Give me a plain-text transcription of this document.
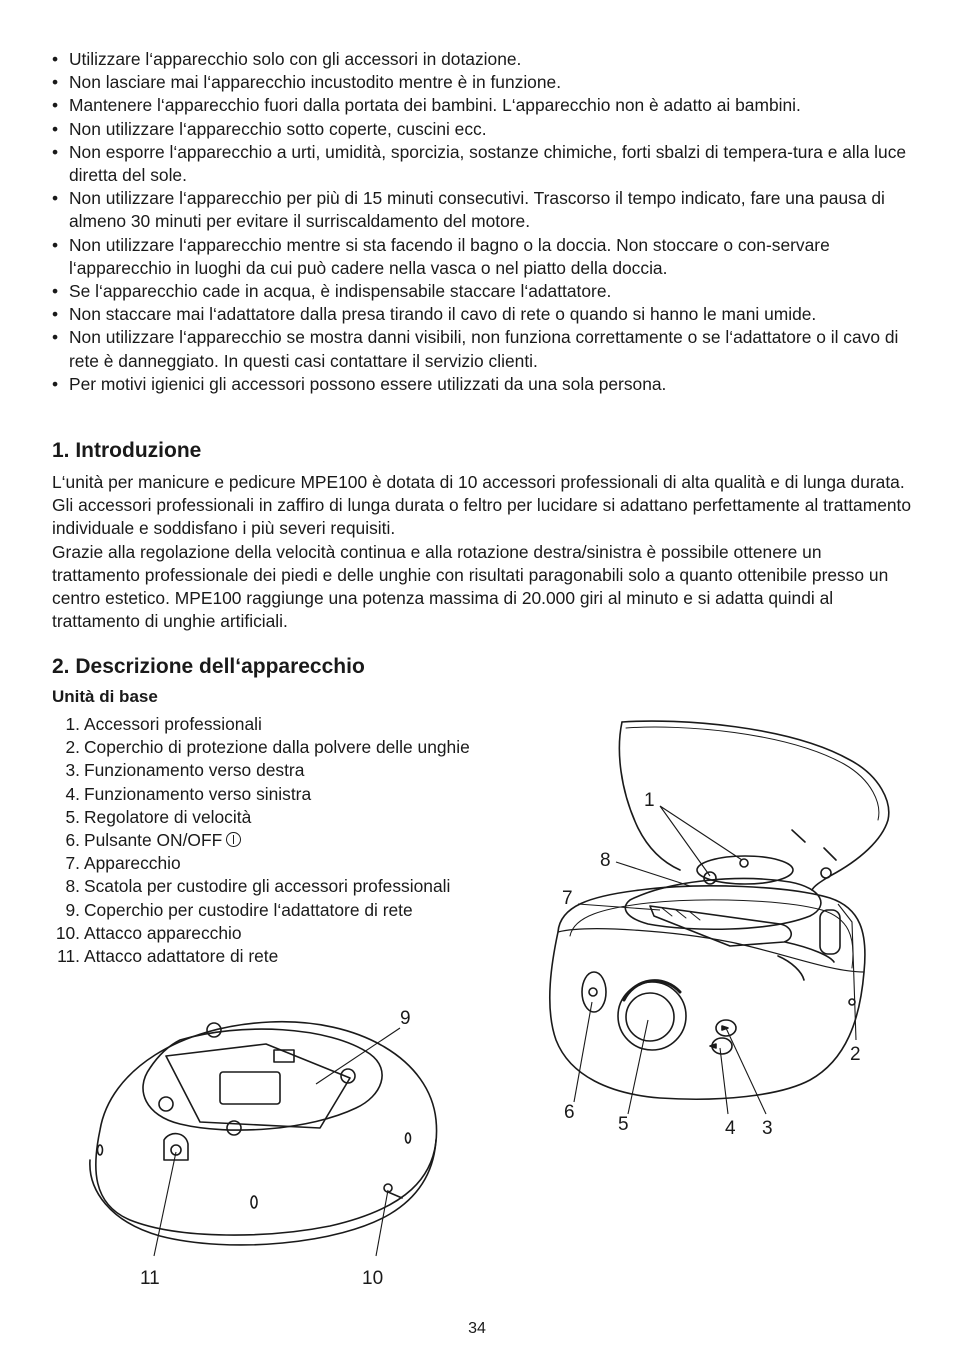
• Utilizzare l‘apparecchio solo con gli accessori in dotazione.
• Non lasciare mai l‘apparecchio incustodito mentre è in funzione.
• Mantenere l‘apparecchio fuori dalla portata dei bambini. L‘apparecchio non è adatto ai bambini.
• Non utilizzare l‘apparecchio sotto coperte, cuscini ecc.
• Non esporre l‘apparecchio a urti, umidità, sporcizia, sostanze chimiche, forti sbalzi di tempera-tura e alla luce diretta del sole.
• Non utilizzare l‘apparecchio per più di 15 minuti consecutivi. Trascorso il tempo indicato, fare una pausa di almeno 30 minuti per evitare il surriscaldamento del motore.
• Non utilizzare l‘apparecchio mentre si sta facendo il bagno o la doccia. Non stoccare o con-servare l‘apparecchio in luoghi da cui può cadere nella vasca o nel piatto della doccia.
• Se l‘apparecchio cade in acqua, è indispensabile staccare l‘adattatore.
• Non staccare mai l‘adattatore dalla presa tirando il cavo di rete o quando si hanno le mani umide.
• Non utilizzare l‘apparecchio se mostra danni visibili, non funziona correttamente o se l‘adattatore o il cavo di rete è danneggiato. In questi casi contattare il servizio clienti.
• Per motivi igienici gli accessori possono essere utilizzati da una sola persona.
1. Introduzione

L‘unità per manicure e pedicure MPE100 è dotata di 10 accessori professionali di alta qualità e di lunga durata. Gli accessori professionali in zaffiro di lunga durata o feltro per lucidare si adattano perfettamente al trattamento individuale e soddisfano i più severi requisiti.

Grazie alla regolazione della velocità continua e alla rotazione destra/sinistra è possibile ottenere un trattamento professionale dei piedi e delle unghie con risultati paragonabili solo a quanto ottenibile presso un centro estetico. MPE100 raggiunge una potenza massima di 20.000 giri al minuto e si adatta quindi al trattamento di unghie artificiali.

2. Descrizione dell‘apparecchio
Unità di base
1. Accessori professionali
2. Coperchio di protezione dalla polvere delle unghie
3. Funzionamento verso destra
4. Funzionamento verso sinistra
5. Regolatore di velocità
6. Pulsante ON/OFF
7. Apparecchio
8. Scatola per custodire gli accessori professionali
9. Coperchio per custodire l‘adattatore di rete
10. Attacco apparecchio
11. Attacco adattatore di rete
1
2
3
4
5
6
7
8
9
11	10
34
